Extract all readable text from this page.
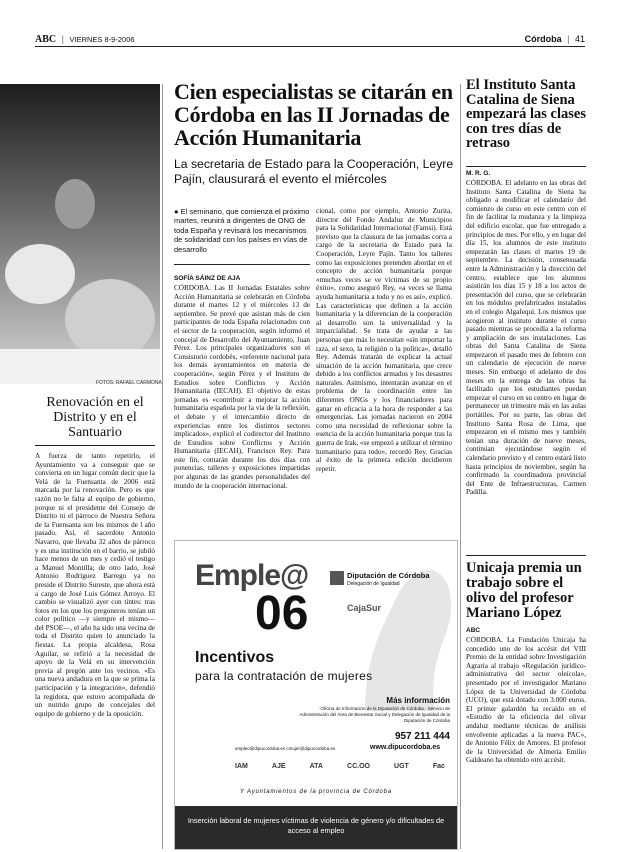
ABC | VIERNES 8-9-2006	Córdoba | 41
FOTOS: RAFAEL CARMONA
Renovación en el Distrito y en el Santuario

A fuerza de tanto repetirlo, el Ayuntamiento va a conseguir que se convierta en un lugar común decir que la Velá de la Fuensanta de 2006 está marcada por la renovación. Pero es que razón no le falta al equipo de gobierno, porque ni el presidente del Consejo de Distrito ni el párroco de Nuestra Señora de la Fuensanta son los mismos de l año pasado. Así, el sacerdote Antonio Navarro, que llevaba 32 años de párroco y es una institución en el barrio, se jubiló hace menos de un mes y cedió el testigo a Manuel Montilla; de otro lado, José Antonio Rodríguez Barrego ya no preside el Distrito Sureste, que ahora está a cargo de José Luis Gómez Arroyo. El cambio se visualizó ayer con tintes: tras fotos en los que los pregoneros tenían un color político —y siempre el mismo— del PSOE—, el año ha sido una vecina de toda el Distrito quien lo anunciado la fiestas. La propia alcaldesa, Rosa Aguilar, se refirió a la necesidad de apoyo de la Velá en su intervención previa al pregón ante los vecinos. «Es una nueva andadura en la que se prima la participación y la integración», defendió la regidora, que estuvo acompañada de un nutrido grupo de concejales del equipo de gobierno y de la oposición.

Cien especialistas se citarán en Córdoba en las II Jornadas de Acción Humanitaria
La secretaria de Estado para la Cooperación, Leyre Pajín, clausurará el evento el miércoles
● El seminario, que comienza el próximo martes, reunirá a dirigentes de ONG de toda España y revisará los mecanismos de solidaridad con los países en vías de desarrollo
SOFÍA SÁINZ DE AJA

CÓRDOBA. Las II Jornadas Estatales sobre Acción Humanitaria se celebrarán en Córdoba durante el martes 12 y el miércoles 13 de septiembre. Se prevé que asistan más de cien participantes de toda España relacionados con el sector de la cooperación, según informó el concejal de Desarrollo del Ayuntamiento, Juan Pérez. Los principales organizadores son el Consistorio cordobés, «referente nacional para los demás ayuntamientos en materia de cooperación», según Pérez y el Instituto de Estudios sobre Conflictos y Acción Humanitaria (IECAH). El objetivo de estas jornadas es «contribuir a mejorar la acción humanitaria española por la vía de la reflexión, el debate y el intercambio directo de experiencias entre los distintos sectores implicados», explicó el codirector del Instituto de Estudios sobre Conflictos y Acción Humanitaria (IECAH), Francisco Rey. Para este fin, contarán durante los dos días con ponencias, talleres y exposiciones impartidas por algunas de las grandes personalidades del mundo de la cooperación internacional.

cional, como por ejemplo, Antonio Zurita, director del Fondo Andaluz de Municipios para la Solidaridad Internacional (Famsi). Está previsto que la clausura de las jornadas corra a cargo de la secretaria de Estado para la Cooperación, Leyre Pajín. Tanto los talleres como las exposiciones pretenden abordar en el concepto de acción humanitaria porque «muchas veces se ve víctimas de su propio éxito», como aseguró Rey, «a veces se llama ayuda humanitaria a todo y no es así», explicó. Las características que definen a la acción humanitaria y la diferencian de la cooperación al desarrollo son la universalidad y la imparcialidad. Se trata de ayudar a las personas que más lo necesitan «sin importar la raza, el sexo, la religión o la política», detalló Rey. Además tratarán de explicar la actual situación de la acción humanitaria, que crece debido a los conflictos armados y los desastres naturales. Asimismo, intentarán avanzar en el problema de la coordinación entre las diferentes ONGs y los financiadores para ganar en eficacia a la hora de responder a las emergencias. Las jornadas nacieron en 2004 como una necesidad de reflexionar sobre la esencia de la acción humanitaria porque tras la guerra de Irak, «se empezó a utilizar el término humanitario para todo», recordó Rey. Gracias al éxito de la primera edición decidieron repetir.

Emple@
06
Diputación de Córdoba
Delegación de Igualdad
CajaSur
Incentivos
para la contratación de mujeres
Más información
·Oficina de Información de la Diputación de Córdoba. ·Servicio de Administración del Área de Bienestar Social y Delegación de Igualdad de la Diputación de Córdoba
957 211 444
empleo@dipucordoba.es cmujer@dipucordoba.es	www.dipucordoba.es
IAM	AJE	ATA	CC.OO	UGT	Fac
Y Ayuntamientos de la provincia de Córdoba
Inserción laboral de mujeres víctimas de violencia de género y/o dificultades de acceso al empleo
El Instituto Santa Catalina de Siena empezará las clases con tres días de retraso
M. R. G.

CÓRDOBA. El adelanto en las obras del Instituto Santa Catalina de Siena ha obligado a modificar el calendario del comienzo de curso en este centro con el fin de facilitar la mudanza y la limpieza del edificio escolar, que fue entregado a principios de mes. Por ello, y en lugar del día 15, los alumnos de este instituto empezarán las clases el martes 19 de septiembre. La decisión, consensuada entre la Administración y la dirección del centro, establece que los alumnos asistirán los días 15 y 18 a los actos de presentación del curso, que se celebrarán en los módulos prefabricados instalados en el colegio Algafequi. Los mismos que acogieron al instituto durante el curso pasado mientras se procedía a la reforma y ampliación de sus instalaciones. Las obras del Santa Catalina de Siena empezaron el pasado mes de febrero con un calendario de ejecución de nueve meses. Sin embargo el adelanto de dos meses en la entrega de las obras ha facilitado que los estudiantes puedan empezar el curso en su centro en lugar de permanecer un trimestre más en las aulas portátiles. Por su parte, las obras del Instituto Santa Rosa de Lima, que empezaron en el mismo mes y también tenían una duración de nueve meses, continúan ejecutándose según el calendario previsto y el centro estará listo hasta principios de noviembre, según ha confirmado la coordinadora provincial del Ente de Infraestructuras, Carmen Padilla.

Unicaja premia un trabajo sobre el olivo del profesor Mariano López
ABC

CÓRDOBA. La Fundación Unicaja ha concedido uno de los accésit del VIII Premio de la entidad sobre Investigación Agraria al trabajo «Regulación jurídico-administrativa del sector oleícola», presentado por el investigador Mariano López de la Universidad de Córdoba (UCO), que está dotado con 3.000 euros. El primer galardón ha recaído en el «Estudio de la eficiencia del olivar andaluz mediante técnicas de análisis envolvente aplicadas a la nueva PAC», de Antonio Félix de Amores. El profesor de la Universidad de Almería Emilio Galdeano ha obtenido otro accésit.
